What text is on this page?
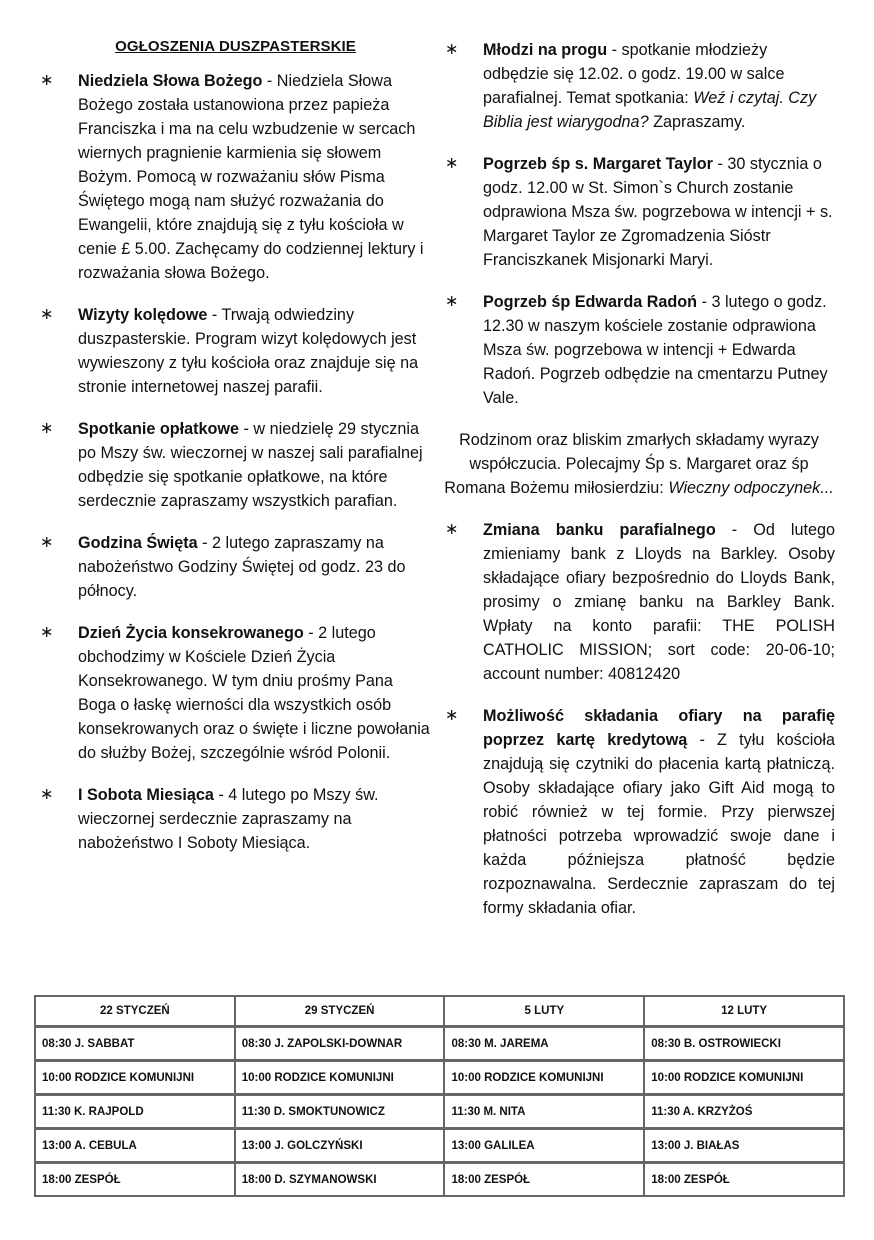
OGŁOSZENIA DUSZPASTERSKIE
∗ Niedziela Słowa Bożego - Niedziela Słowa Bożego została ustanowiona przez papieża Franciszka i ma na celu wzbudzenie w sercach wiernych pragnienie karmienia się słowem Bożym. Pomocą w rozważaniu słów Pisma Świętego mogą nam służyć rozważania do Ewangelii, które znajdują się z tyłu kościoła w cenie £ 5.00. Zachęcamy do codziennej lektury i rozważania słowa Bożego.
∗ Wizyty kolędowe - Trwają odwiedziny duszpasterskie. Program wizyt kolędowych jest wywieszony z tyłu kościoła oraz znajduje się na stronie internetowej naszej parafii.
∗ Spotkanie opłatkowe - w niedzielę 29 stycznia po Mszy św. wieczornej w naszej sali parafialnej odbędzie się spotkanie opłatkowe, na które serdecznie zapraszamy wszystkich parafian.
∗ Godzina Święta - 2 lutego zapraszamy na nabożeństwo Godziny Świętej od godz. 23 do północy.
∗ Dzień Życia konsekrowanego - 2 lutego obchodzimy w Kościele Dzień Życia Konsekrowanego. W tym dniu prośmy Pana Boga o łaskę wierności dla wszystkich osób konsekrowanych oraz o święte i liczne powołania do służby Bożej, szczególnie wśród Polonii.
∗ I Sobota Miesiąca - 4 lutego po Mszy św. wieczornej serdecznie zapraszamy na nabożeństwo I Soboty Miesiąca.
∗ Młodzi na progu - spotkanie młodzieży odbędzie się 12.02. o godz. 19.00 w salce parafialnej. Temat spotkania: Weź i czytaj. Czy Biblia jest wiarygodna? Zapraszamy.
∗ Pogrzeb śp s. Margaret Taylor - 30 stycznia o godz. 12.00 w St. Simon`s Church zostanie odprawiona Msza św. pogrzebowa w intencji + s. Margaret Taylor ze Zgromadzenia Sióstr Franciszkanek Misjonarki Maryi.
∗ Pogrzeb śp Edwarda Radoń - 3 lutego o godz. 12.30 w naszym kościele zostanie odprawiona Msza św. pogrzebowa w intencji + Edwarda Radoń. Pogrzeb odbędzie na cmentarzu Putney Vale.
Rodzinom oraz bliskim zmarłych składamy wyrazy współczucia. Polecajmy Śp s. Margaret oraz śp Romana Bożemu miłosierdziu: Wieczny odpoczynek...
∗ Zmiana banku parafialnego - Od lutego zmieniamy bank z Lloyds na Barkley. Osoby składające ofiary bezpośrednio do Lloyds Bank, prosimy o zmianę banku na Barkley Bank. Wpłaty na konto parafii: THE POLISH CATHOLIC MISSION; sort code: 20-06-10; account number: 40812420
∗ Możliwość składania ofiary na parafię poprzez kartę kredytową - Z tyłu kościoła znajdują się czytniki do płacenia kartą płatniczą. Osoby składające ofiary jako Gift Aid mogą to robić również w tej formie. Przy pierwszej płatności potrzeba wprowadzić swoje dane i każda późniejsza płatność będzie rozpoznawalna. Serdecznie zapraszam do tej formy składania ofiar.
22 STYCZEŃ	29 STYCZEŃ	5 LUTY	12 LUTY
08:30 J. SABBAT	08:30 J. ZAPOLSKI-DOWNAR	08:30 M. JAREMA	08:30 B. OSTROWIECKI
10:00 RODZICE KOMUNIJNI	10:00 RODZICE KOMUNIJNI	10:00 RODZICE KOMUNIJNI	10:00 RODZICE KOMUNIJNI
11:30 K. RAJPOLD	11:30 D. SMOKTUNOWICZ	11:30 M. NITA	11:30 A. KRZYŻOŚ
13:00 A. CEBULA	13:00 J. GOLCZYŃSKI	13:00 GALILEA	13:00 J. BIAŁAS
18:00 ZESPÓŁ	18:00 D. SZYMANOWSKI	18:00 ZESPÓŁ	18:00 ZESPÓŁ
